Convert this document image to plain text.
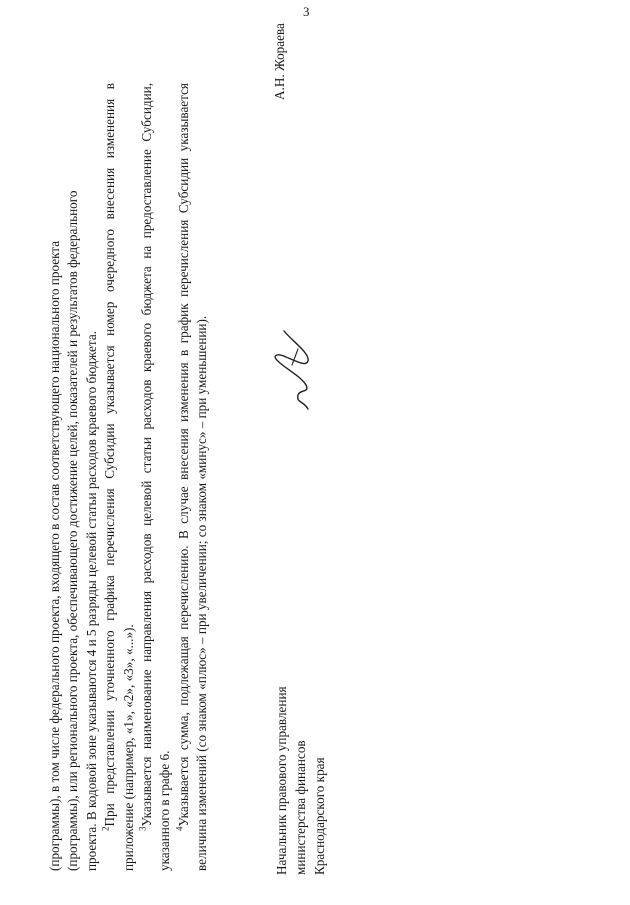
3

(программы), в том числе федерального проекта, входящего в состав соответствующего национального проекта (программы), или регионального проекта, обеспечивающего достижение целей, показателей и результатов федерального проекта. В кодовой зоне указываются 4 и 5 разряды целевой статьи расходов краевого бюджета. $^2$При представлении уточненного графика перечисления Субсидии указывается номер очередного внесения изменения в приложение (например, «1», «2», «3», «...»). $^3$Указывается наименование направления расходов целевой статьи расходов краевого бюджета на предоставление Субсидии, указанного в графе 6. $^4$Указывается сумма, подлежащая перечислению. В случае внесения изменения в график перечисления Субсидии указывается величина изменений (со знаком «плюс» – при увеличении; со знаком «минус» – при уменьшении).	Начальник правового управления министерства финансов Краснодарского края
А.Н. Жораева
